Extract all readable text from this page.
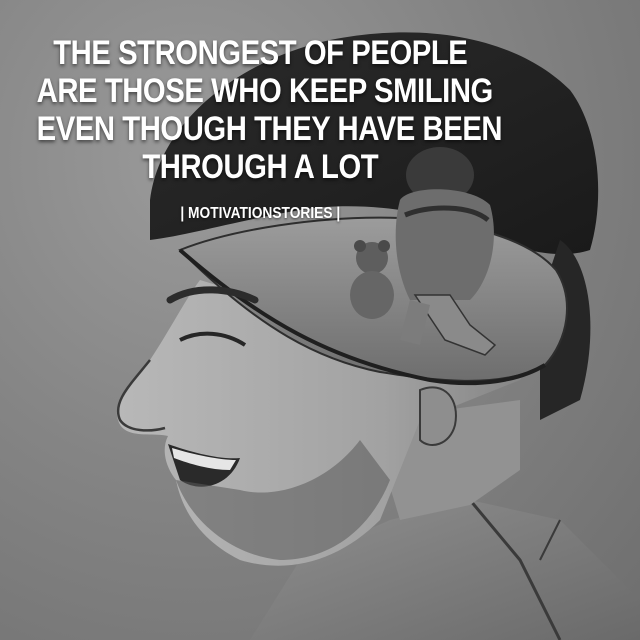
THE STRONGEST OF PEOPLE
ARE THOSE WHO KEEP SMILING
EVEN THOUGH THEY HAVE BEEN
THROUGH A LOT
| MOTIVATIONSTORIES |
